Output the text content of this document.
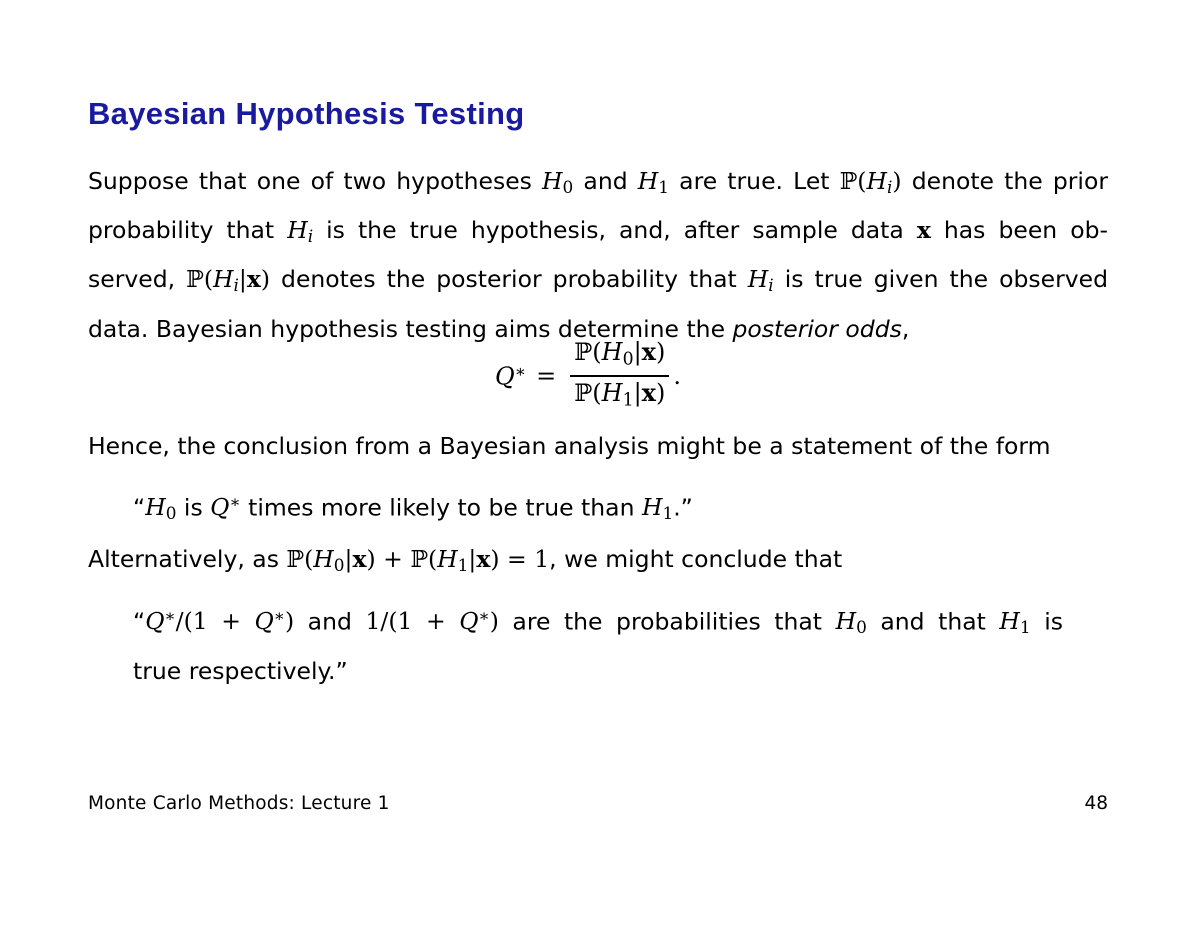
Bayesian Hypothesis Testing
Suppose that one of two hypotheses $H_0$ and $H_1$ are true. Let ℙ(Hi) denote the prior
probability that Hi is the true hypothesis, and, after sample data x has been ob-
served, ℙ(Hi|x) denotes the posterior probability that Hi is true given the observed
data. Bayesian hypothesis testing aims determine the posterior odds,
$Q^∗ = \frac{ℙ(H_0|x)}{ℙ(H_1|x)}$ .
Hence, the conclusion from a Bayesian analysis might be a statement of the form
“$H_0$ is Q∗ times more likely to be true than $H_1$.”
Alternatively, as $ℙ(H_0|x)$ + $ℙ(H_1|x) = 1$, we might conclude that
“Q∗/(1 + Q∗) and 1/(1 + Q∗) are the probabilities that $H_0$ and that $H_1$ is
true respectively.”
Monte Carlo Methods: Lecture 1	48
